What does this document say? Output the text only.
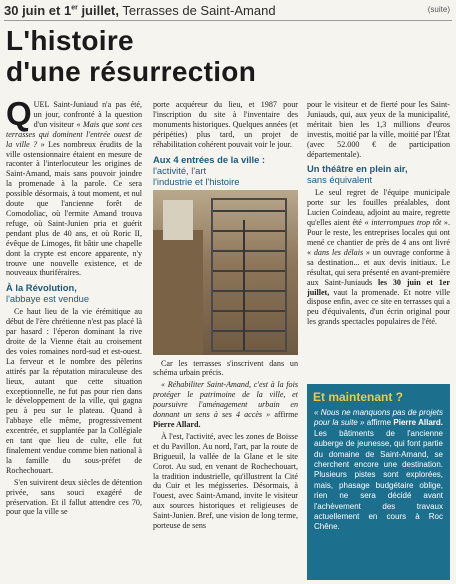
30 juin et 1er juillet, Terrasses de Saint-Amand	(suite)
L'histoire
d'une résurrection

QUEL Saint-Juniaud n'a pas été, un jour, confronté à la question d'un visiteur « Mais que sont ces terrasses qui dominent l'entrée ouest de la ville ? » Les nombreux érudits de la ville ostensionnaire étaient en mesure de raconter à l'interlocuteur les origines de Saint-Amand, mais sans pouvoir joindre la promenade à la parole. Ce sera possible désormais, à tout moment, et nul doute que l'ancienne forêt de Comodoliac, où l'ermite Amand trouva refuge, où Saint-Junien pria et guérit pendant plus de 40 ans, et où Roric II, évêque de Limoges, fit bâtir une chapelle dont la crypte est encore apparente, n'y trouve une nouvelle existence, et de nouveaux thuriféraires.

À la Révolution,
l'abbaye est vendue

Ce haut lieu de la vie érémitique au début de l'ère chrétienne n'est pas placé là par hasard : l'éperon dominant la rive droite de la Vienne était au croisement des voies romaines nord-sud et est-ouest. La ferveur et le nombre des pèlerins attirés par la réputation miraculeuse des lieux, autant que cette situation exceptionnelle, ne fut pas pour rien dans le développement de la ville, qui gagna peu à peu sur le plateau. Quand à l'abbaye elle même, progressivement excentrée, et supplantée par la Collégiale en tant que lieu de culte, elle fut finalement vendue comme bien national à la famille du sous-préfet de Rochechouart.

S'en suivirent deux siècles de détention privée, sans souci exagéré de préservation. Et il fallut attendre ces 70, pour que la ville se

porte acquéreur du lieu, et 1987 pour l'inscription du site à l'inventaire des monuments historiques. Quelques années (et péripéties) plus tard, un projet de réhabilitation cohérent pouvait voir le jour.

Aux 4 entrées de la ville :
l'activité, l'art
l'industrie et l'histoire

Car les terrasses s'inscrivent dans un schéma urbain précis.

« Réhabiliter Saint-Amand, c'est à la fois protéger le patrimoine de la ville, et poursuivre l'aménagement urbain en donnant un sens à ses 4 accès » affirme Pierre Allard.

À l'est, l'activité, avec les zones de Boisse et du Pavillon. Au nord, l'art, par la route de Brigueuil, la vallée de la Glane et le site Corot. Au sud, en venant de Rochechouart, la tradition industrielle, qu'illustrent la Cité du Cuir et les mégisseries. Désormais, à l'ouest, avec Saint-Amand, invite le visiteur aux sources historiques et religieuses de Saint-Junien. Bref, une vision de long terme, porteuse de sens

pour le visiteur et de fierté pour les Saint-Juniauds, qui, aux yeux de la municipalité, méritait bien les 1,3 millions d'euros investis, moitié par la ville, moitié par l'État (avec 52.000 € de participation départementale).

Un théâtre en plein air,
sans équivalent

Le seul regret de l'équipe municipale porte sur les fouilles préalables, dont Lucien Coindeau, adjoint au maire, regrette qu'elles aient été « interrompues trop tôt ». Pour le reste, les entreprises locales qui ont mené ce chantier de près de 4 ans ont livré « dans les délais » un ouvrage conforme à sa destination... et aux devis initiaux. Le résultat, qui sera présenté en avant-première aux Saint-Juniauds les 30 juin et 1er juillet, vaut la promenade. Et notre ville dispose enfin, avec ce site en terrasses qui a peu d'équivalents, d'un écrin original pour les grands spectacles populaires de l'été.

Et maintenant ?
« Nous ne manquons pas de projets pour la suite » affirme Pierre Allard. Les bâtiments de l'ancienne auberge de jeunesse, qui font partie du domaine de Saint-Amand, se cherchent encore une destination. Plusieurs pistes sont explorées, mais, phasage budgétaire oblige, rien ne sera décidé avant l'achèvement des travaux actuellement en cours à Roc Chêne.
